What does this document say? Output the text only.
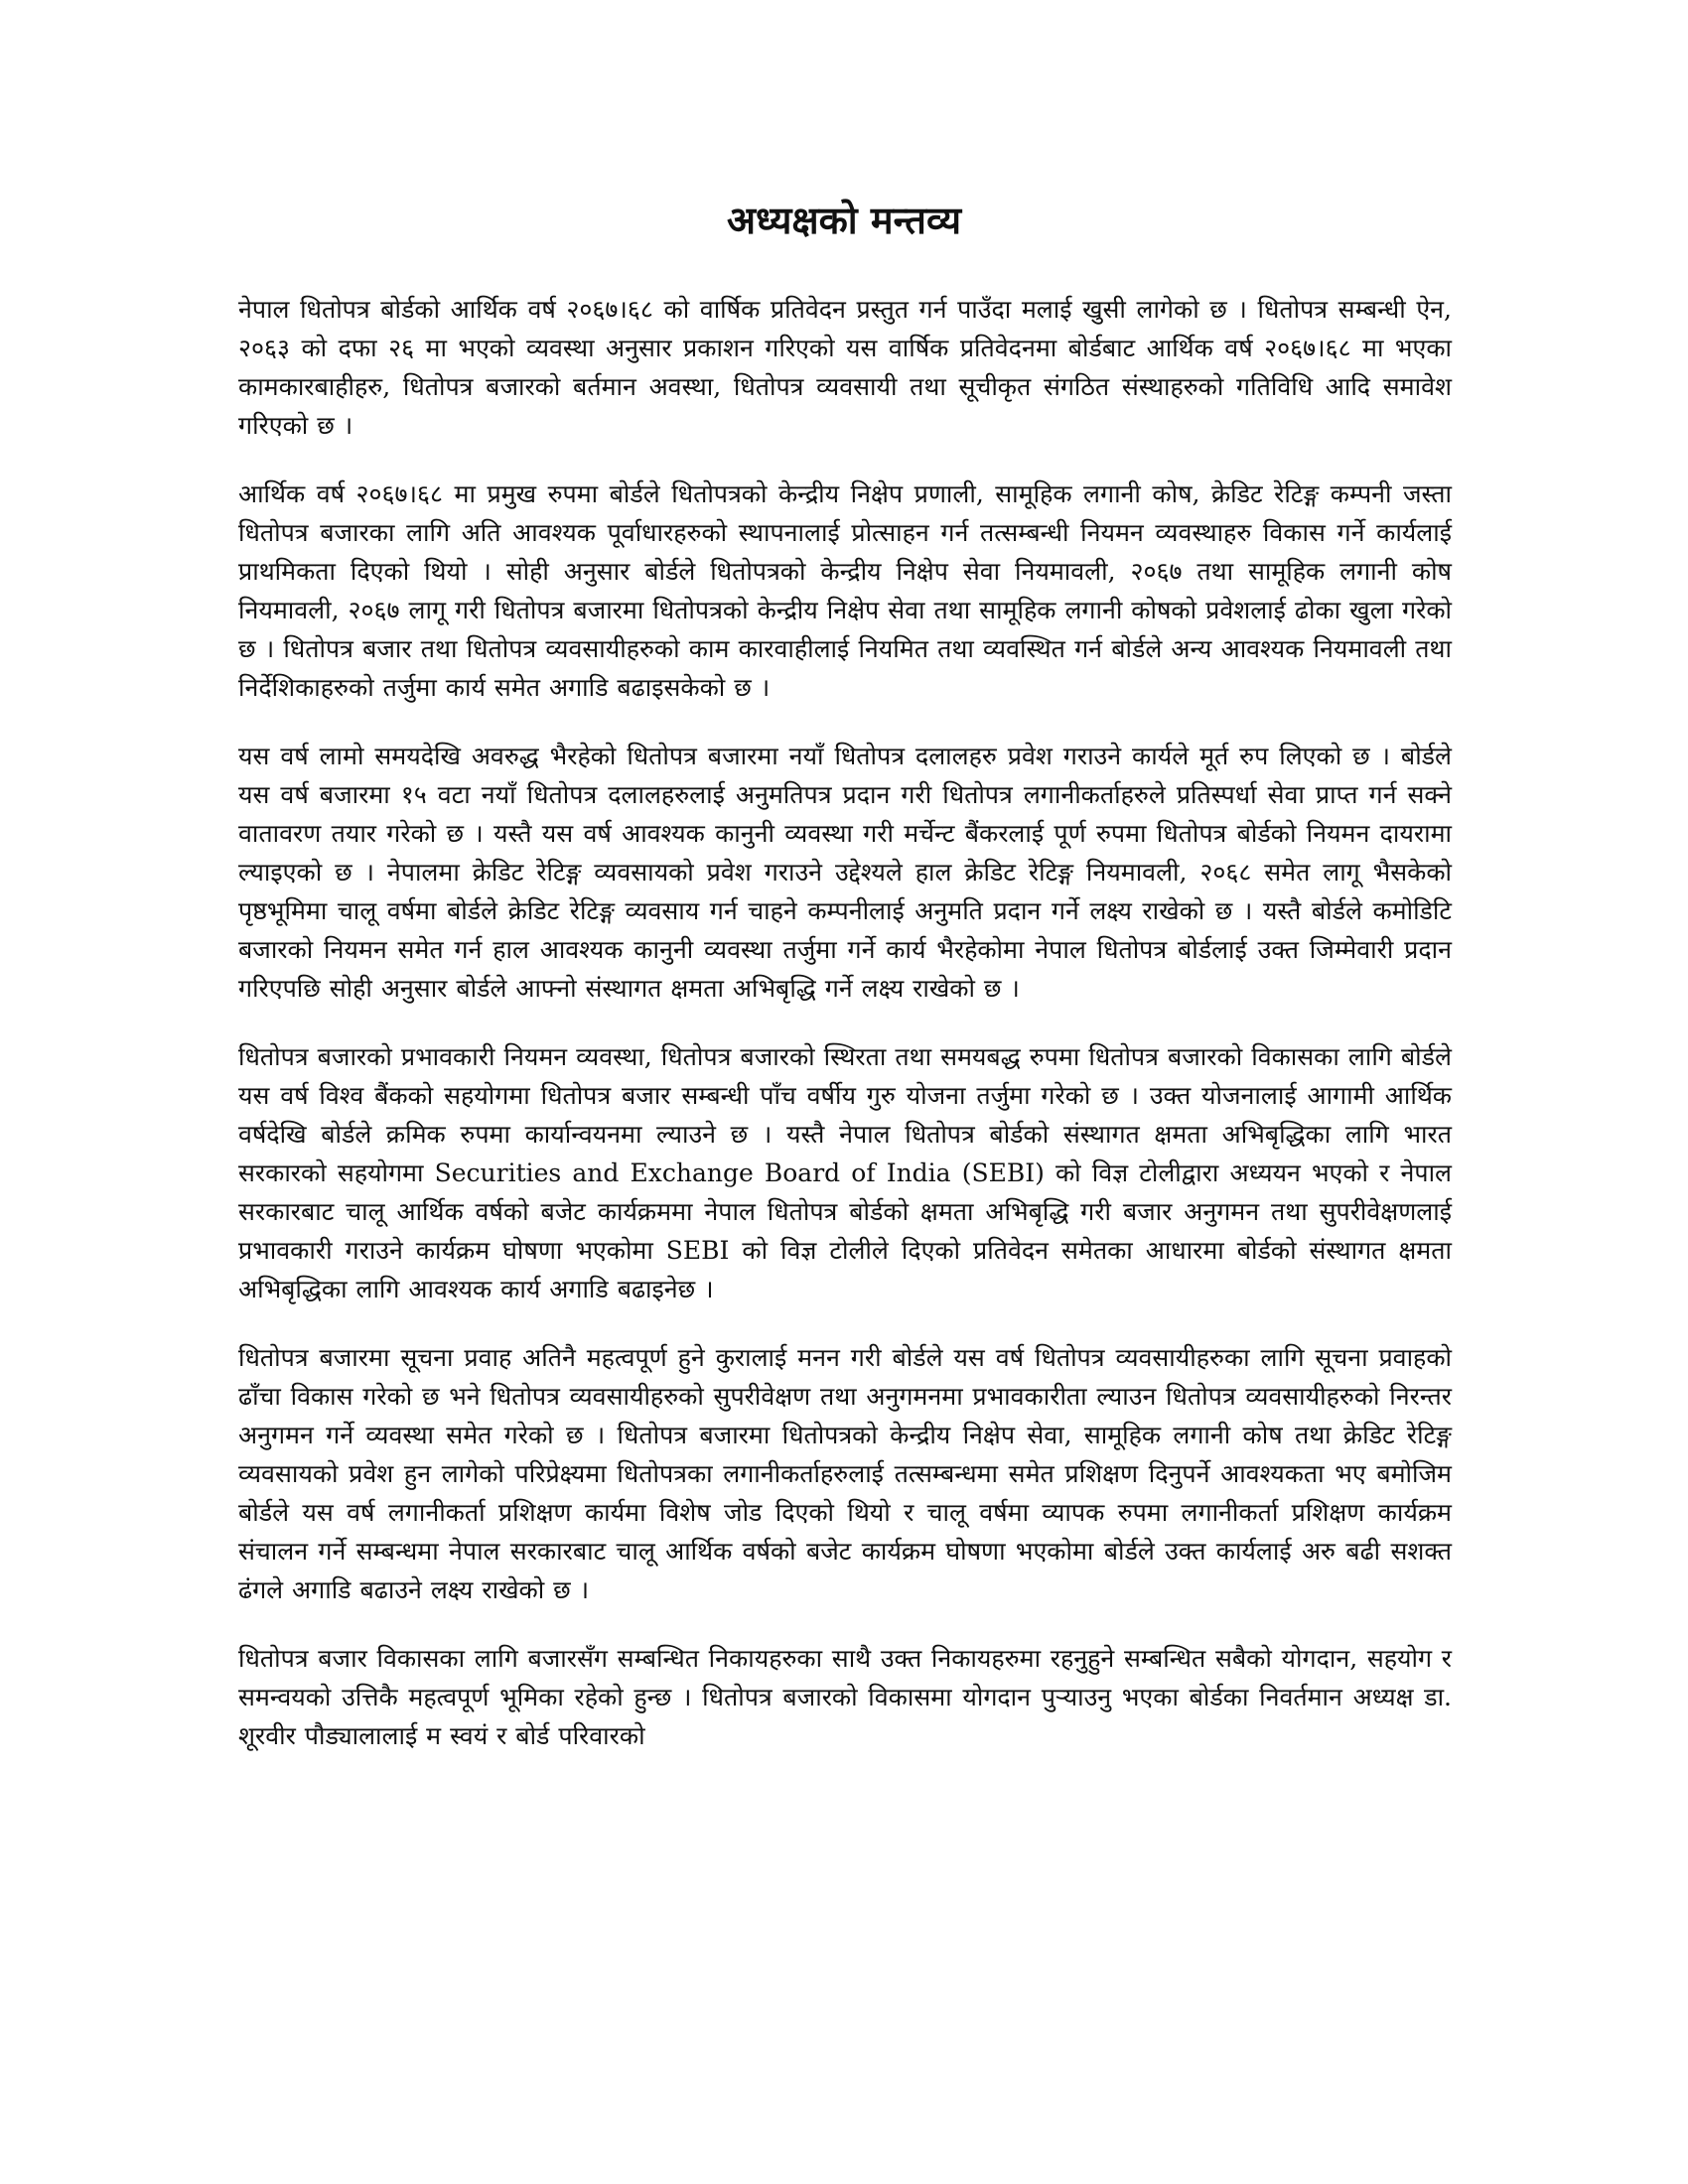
अध्यक्षको मन्तव्य

नेपाल धितोपत्र बोर्डको आर्थिक वर्ष २०६७।६८ को वार्षिक प्रतिवेदन प्रस्तुत गर्न पाउँदा मलाई खुसी लागेको छ । धितोपत्र सम्बन्धी ऐन, २०६३ को दफा २६ मा भएको व्यवस्था अनुसार प्रकाशन गरिएको यस वार्षिक प्रतिवेदनमा बोर्डबाट आर्थिक वर्ष २०६७।६८ मा भएका कामकारबाहीहरु, धितोपत्र बजारको बर्तमान अवस्था, धितोपत्र व्यवसायी तथा सूचीकृत संगठित संस्थाहरुको गतिविधि आदि समावेश गरिएको छ ।

आर्थिक वर्ष २०६७।६८ मा प्रमुख रुपमा बोर्डले धितोपत्रको केन्द्रीय निक्षेप प्रणाली, सामूहिक लगानी कोष, क्रेडिट रेटिङ्ग कम्पनी जस्ता धितोपत्र बजारका लागि अति आवश्यक पूर्वाधारहरुको स्थापनालाई प्रोत्साहन गर्न तत्सम्बन्धी नियमन व्यवस्थाहरु विकास गर्ने कार्यलाई प्राथमिकता दिएको थियो । सोही अनुसार बोर्डले धितोपत्रको केन्द्रीय निक्षेप सेवा नियमावली, २०६७ तथा सामूहिक लगानी कोष नियमावली, २०६७ लागू गरी धितोपत्र बजारमा धितोपत्रको केन्द्रीय निक्षेप सेवा तथा सामूहिक लगानी कोषको प्रवेशलाई ढोका खुला गरेको छ । धितोपत्र बजार तथा धितोपत्र व्यवसायीहरुको काम कारवाहीलाई नियमित तथा व्यवस्थित गर्न बोर्डले अन्य आवश्यक नियमावली तथा निर्देशिकाहरुको तर्जुमा कार्य समेत अगाडि बढाइसकेको छ ।

यस वर्ष लामो समयदेखि अवरुद्ध भैरहेको धितोपत्र बजारमा नयाँ धितोपत्र दलालहरु प्रवेश गराउने कार्यले मूर्त रुप लिएको छ । बोर्डले यस वर्ष बजारमा १५ वटा नयाँ धितोपत्र दलालहरुलाई अनुमतिपत्र प्रदान गरी धितोपत्र लगानीकर्ताहरुले प्रतिस्पर्धा सेवा प्राप्त गर्न सक्ने वातावरण तयार गरेको छ । यस्तै यस वर्ष आवश्यक कानुनी व्यवस्था गरी मर्चेन्ट बैंकरलाई पूर्ण रुपमा धितोपत्र बोर्डको नियमन दायरामा ल्याइएको छ । नेपालमा क्रेडिट रेटिङ्ग व्यवसायको प्रवेश गराउने उद्देश्यले हाल क्रेडिट रेटिङ्ग नियमावली, २०६८ समेत लागू भैसकेको पृष्ठभूमिमा चालू वर्षमा बोर्डले क्रेडिट रेटिङ्ग व्यवसाय गर्न चाहने कम्पनीलाई अनुमति प्रदान गर्ने लक्ष्य राखेको छ । यस्तै बोर्डले कमोडिटि बजारको नियमन समेत गर्न हाल आवश्यक कानुनी व्यवस्था तर्जुमा गर्ने कार्य भैरहेकोमा नेपाल धितोपत्र बोर्डलाई उक्त जिम्मेवारी प्रदान गरिएपछि सोही अनुसार बोर्डले आफ्नो संस्थागत क्षमता अभिबृद्धि गर्ने लक्ष्य राखेको छ ।

धितोपत्र बजारको प्रभावकारी नियमन व्यवस्था, धितोपत्र बजारको स्थिरता तथा समयबद्ध रुपमा धितोपत्र बजारको विकासका लागि बोर्डले यस वर्ष विश्व बैंकको सहयोगमा धितोपत्र बजार सम्बन्धी पाँच वर्षीय गुरु योजना तर्जुमा गरेको छ । उक्त योजनालाई आगामी आर्थिक वर्षदेखि बोर्डले क्रमिक रुपमा कार्यान्वयनमा ल्याउने छ । यस्तै नेपाल धितोपत्र बोर्डको संस्थागत क्षमता अभिबृद्धिका लागि भारत सरकारको सहयोगमा Securities and Exchange Board of India (SEBI) को विज्ञ टोलीद्वारा अध्ययन भएको र नेपाल सरकारबाट चालू आर्थिक वर्षको बजेट कार्यक्रममा नेपाल धितोपत्र बोर्डको क्षमता अभिबृद्धि गरी बजार अनुगमन तथा सुपरीवेक्षणलाई प्रभावकारी गराउने कार्यक्रम घोषणा भएकोमा SEBI को विज्ञ टोलीले दिएको प्रतिवेदन समेतका आधारमा बोर्डको संस्थागत क्षमता अभिबृद्धिका लागि आवश्यक कार्य अगाडि बढाइनेछ ।

धितोपत्र बजारमा सूचना प्रवाह अतिनै महत्वपूर्ण हुने कुरालाई मनन गरी बोर्डले यस वर्ष धितोपत्र व्यवसायीहरुका लागि सूचना प्रवाहको ढाँचा विकास गरेको छ भने धितोपत्र व्यवसायीहरुको सुपरीवेक्षण तथा अनुगमनमा प्रभावकारीता ल्याउन धितोपत्र व्यवसायीहरुको निरन्तर अनुगमन गर्ने व्यवस्था समेत गरेको छ । धितोपत्र बजारमा धितोपत्रको केन्द्रीय निक्षेप सेवा, सामूहिक लगानी कोष तथा क्रेडिट रेटिङ्ग व्यवसायको प्रवेश हुन लागेको परिप्रेक्ष्यमा धितोपत्रका लगानीकर्ताहरुलाई तत्सम्बन्धमा समेत प्रशिक्षण दिनुपर्ने आवश्यकता भए बमोजिम बोर्डले यस वर्ष लगानीकर्ता प्रशिक्षण कार्यमा विशेष जोड दिएको थियो र चालू वर्षमा व्यापक रुपमा लगानीकर्ता प्रशिक्षण कार्यक्रम संचालन गर्ने सम्बन्धमा नेपाल सरकारबाट चालू आर्थिक वर्षको बजेट कार्यक्रम घोषणा भएकोमा बोर्डले उक्त कार्यलाई अरु बढी सशक्त ढंगले अगाडि बढाउने लक्ष्य राखेको छ ।

धितोपत्र बजार विकासका लागि बजारसँग सम्बन्धित निकायहरुका साथै उक्त निकायहरुमा रहनुहुने सम्बन्धित सबैको योगदान, सहयोग र समन्वयको उत्तिकै महत्वपूर्ण भूमिका रहेको हुन्छ । धितोपत्र बजारको विकासमा योगदान पुऱ्याउनु भएका बोर्डका निवर्तमान अध्यक्ष डा. शूरवीर पौड्यालालाई म स्वयं र बोर्ड परिवारको
